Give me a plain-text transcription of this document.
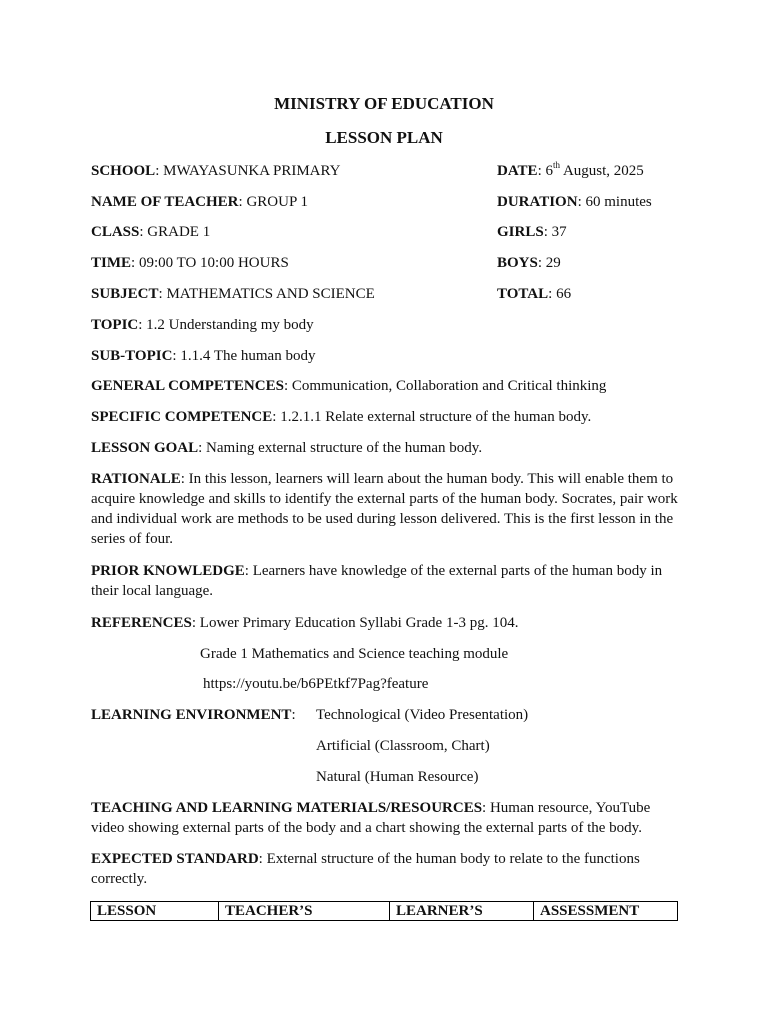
MINISTRY OF EDUCATION
LESSON PLAN
SCHOOL: MWAYASUNKA PRIMARY
NAME OF TEACHER: GROUP 1
CLASS: GRADE 1
TIME: 09:00 TO 10:00 HOURS
SUBJECT: MATHEMATICS AND SCIENCE
DATE: 6th August, 2025
DURATION: 60 minutes
GIRLS: 37
BOYS: 29
TOTAL: 66
TOPIC: 1.2 Understanding my body
SUB-TOPIC: 1.1.4 The human body
GENERAL COMPETENCES: Communication, Collaboration and Critical thinking
SPECIFIC COMPETENCE: 1.2.1.1 Relate external structure of the human body.
LESSON GOAL: Naming external structure of the human body.
RATIONALE: In this lesson, learners will learn about the human body. This will enable them to acquire knowledge and skills to identify the external parts of the human body. Socrates, pair work and individual work are methods to be used during lesson delivered. This is the first lesson in the series of four.
PRIOR KNOWLEDGE: Learners have knowledge of the external parts of the human body in their local language.
REFERENCES: Lower Primary Education Syllabi Grade 1-3 pg. 104.
Grade 1 Mathematics and Science teaching module
https://youtu.be/b6PEtkf7Pag?feature
LEARNING ENVIRONMENT: Technological (Video Presentation)
Artificial (Classroom, Chart)
Natural (Human Resource)
TEACHING AND LEARNING MATERIALS/RESOURCES: Human resource, YouTube video showing external parts of the body and a chart showing the external parts of the body.
EXPECTED STANDARD: External structure of the human body to relate to the functions correctly.
LESSON	TEACHER’S	LEARNER’S	ASSESSMENT
